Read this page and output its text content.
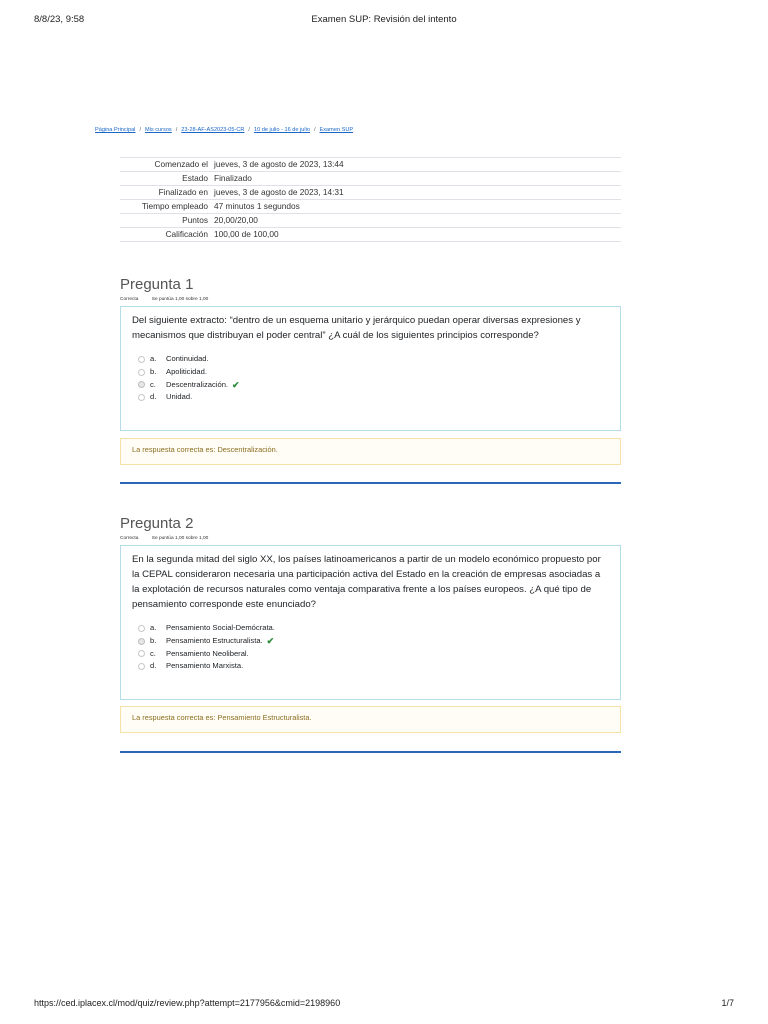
8/8/23, 9:58	Examen SUP: Revisión del intento
Página Principal / Mis cursos / 23-28-AF-AS2023-05-CR / 10 de julio - 16 de julio / Examen SUP
Comenzado el	jueves, 3 de agosto de 2023, 13:44
Estado	Finalizado
Finalizado en	jueves, 3 de agosto de 2023, 14:31
Tiempo empleado	47 minutos 1 segundos
Puntos	20,00/20,00
Calificación	100,00 de 100,00
Pregunta 1
Correcta	Se puntúa 1,00 sobre 1,00
Del siguiente extracto: “dentro de un esquema unitario y jerárquico puedan operar diversas expresiones y mecanismos que distribuyan el poder central” ¿A cuál de los siguientes principios corresponde?
a.	Continuidad.
b.	Apoliticidad.
c.	Descentralización. ✔
d.	Unidad.
La respuesta correcta es: Descentralización.
Pregunta 2
Correcta	Se puntúa 1,00 sobre 1,00
En la segunda mitad del siglo XX, los países latinoamericanos a partir de un modelo económico propuesto por la CEPAL consideraron necesaria una participación activa del Estado en la creación de empresas asociadas a la explotación de recursos naturales como ventaja comparativa frente a los países europeos. ¿A qué tipo de pensamiento corresponde este enunciado?
a.	Pensamiento Social-Demócrata.
b.	Pensamiento Estructuralista. ✔
c.	Pensamiento Neoliberal.
d.	Pensamiento Marxista.
La respuesta correcta es: Pensamiento Estructuralista.
https://ced.iplacex.cl/mod/quiz/review.php?attempt=2177956&cmid=2198960	1/7
